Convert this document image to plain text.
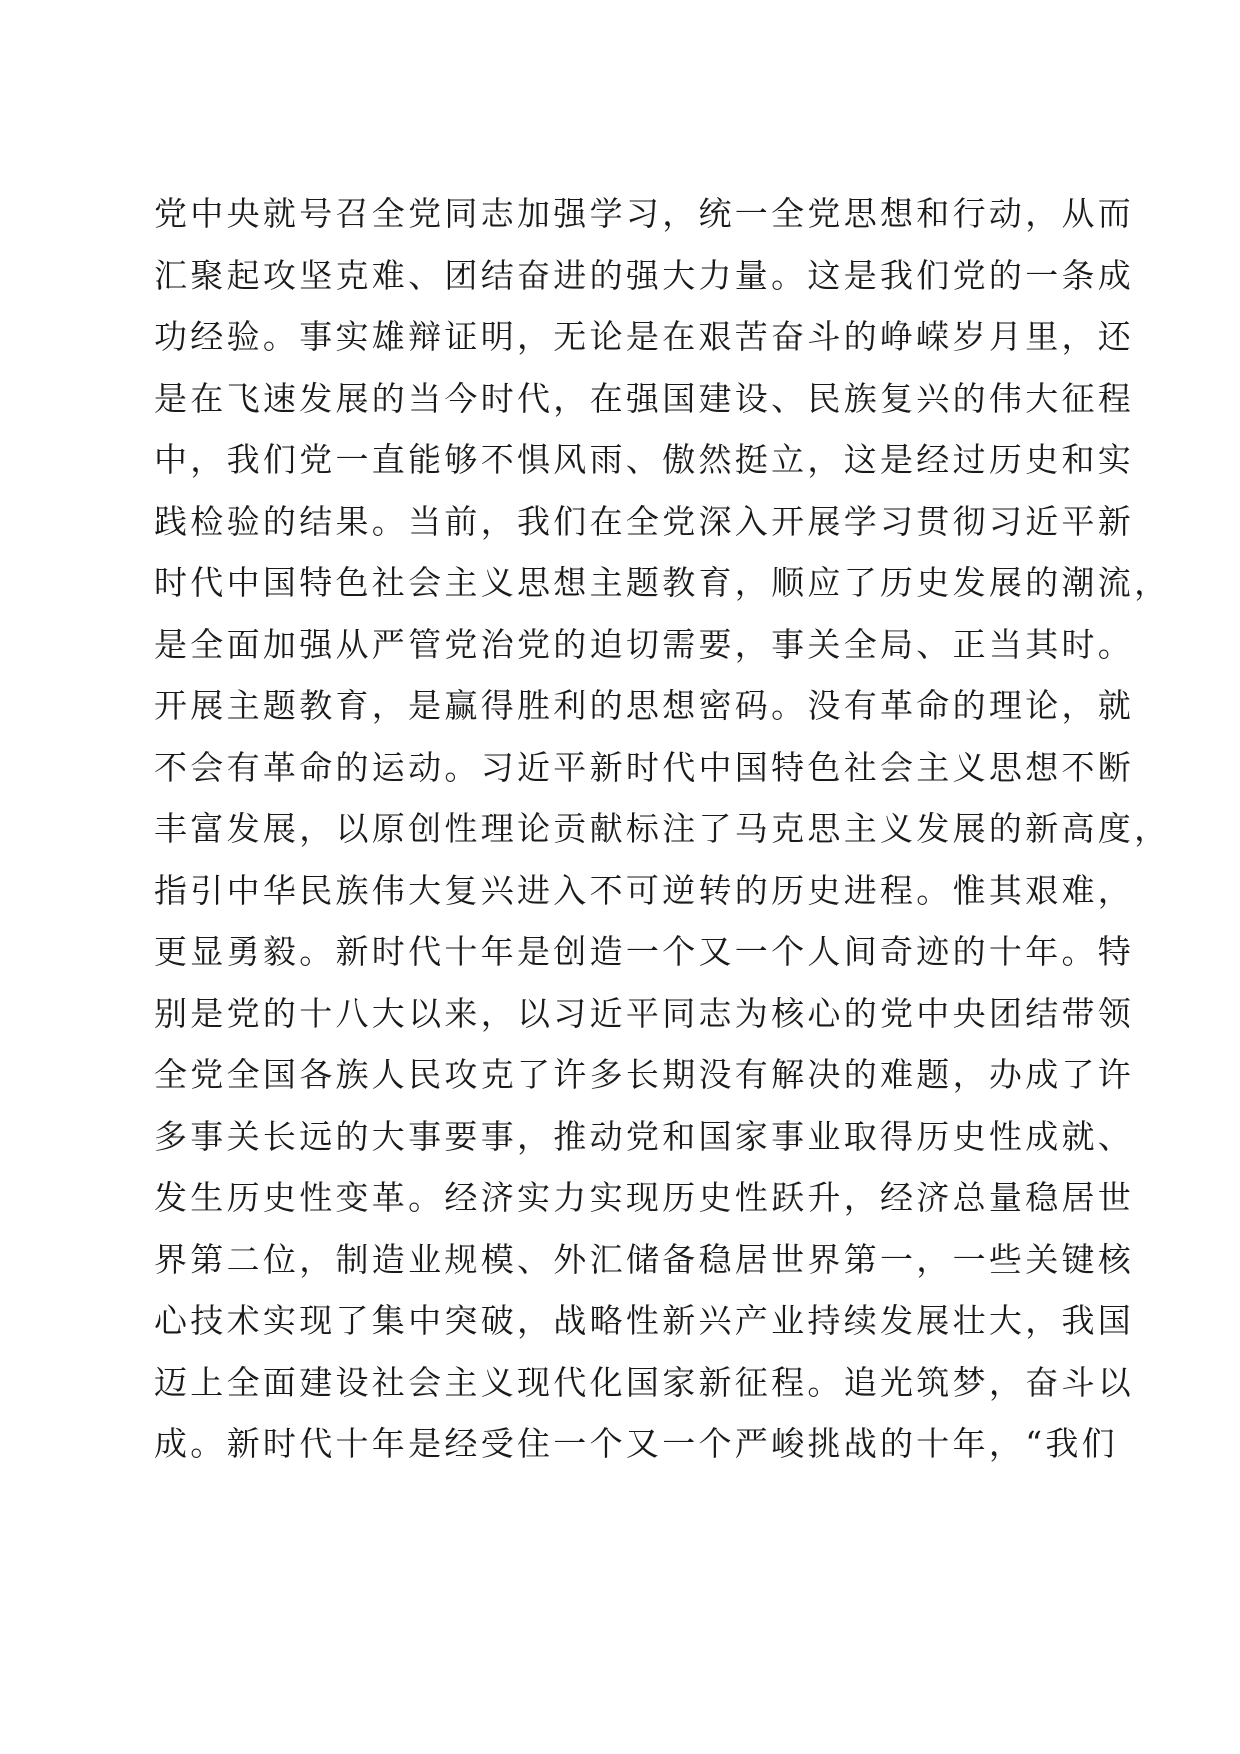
党中央就号召全党同志加强学习，统一全党思想和行动，从而
汇聚起攻坚克难、团结奋进的强大力量。这是我们党的一条成
功经验。事实雄辩证明，无论是在艰苦奋斗的峥嵘岁月里，还
是在飞速发展的当今时代，在强国建设、民族复兴的伟大征程
中，我们党一直能够不惧风雨、傲然挺立，这是经过历史和实
践检验的结果。当前，我们在全党深入开展学习贯彻习近平新
时代中国特色社会主义思想主题教育，顺应了历史发展的潮流，
是全面加强从严管党治党的迫切需要，事关全局、正当其时。
开展主题教育，是赢得胜利的思想密码。没有革命的理论，就
不会有革命的运动。习近平新时代中国特色社会主义思想不断
丰富发展，以原创性理论贡献标注了马克思主义发展的新高度，
指引中华民族伟大复兴进入不可逆转的历史进程。惟其艰难，
更显勇毅。新时代十年是创造一个又一个人间奇迹的十年。特
别是党的十八大以来，以习近平同志为核心的党中央团结带领
全党全国各族人民攻克了许多长期没有解决的难题，办成了许
多事关长远的大事要事，推动党和国家事业取得历史性成就、
发生历史性变革。经济实力实现历史性跃升，经济总量稳居世
界第二位，制造业规模、外汇储备稳居世界第一，一些关键核
心技术实现了集中突破，战略性新兴产业持续发展壮大，我国
迈上全面建设社会主义现代化国家新征程。追光筑梦，奋斗以
成。新时代十年是经受住一个又一个严峻挑战的十年，“我们
